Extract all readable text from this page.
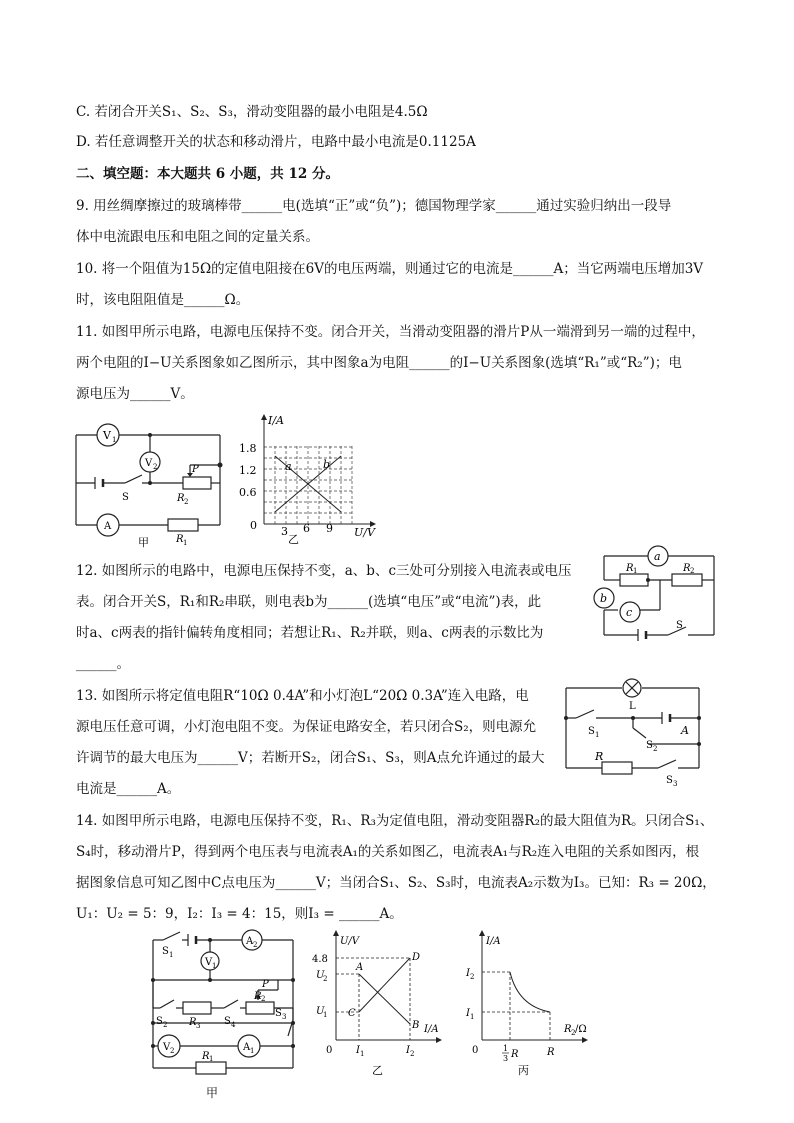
C. 若闭合开关S₁、S₂、S₃，滑动变阻器的最小电阻是4.5Ω
D. 若任意调整开关的状态和移动滑片，电路中最小电流是0.1125A
二、填空题：本大题共 6 小题，共 12 分。
9. 用丝绸摩擦过的玻璃棒带______电(选填“正”或“负”)；德国物理学家______通过实验归纳出一段导
体中电流跟电压和电阻之间的定量关系。
10. 将一个阻值为15Ω的定值电阻接在6V的电压两端，则通过它的电流是______A；当它两端电压增加3V
时，该电阻阻值是______Ω。
11. 如图甲所示电路，电源电压保持不变。闭合开关，当滑动变阻器的滑片P从一端滑到另一端的过程中，
两个电阻的I−U关系图象如乙图所示，其中图象a为电阻______的I−U关系图象(选填“R₁”或“R₂”)；电
源电压为______V。
V 1
V 2
A
S
P
R 2
R 1
甲
I/A
U/V
1.8
1.2
0.6
3 6 9
0
a	b
乙
12. 如图所示的电路中，电源电压保持不变，a、b、c三处可分别接入电流表或电压
表。闭合开关S，R₁和R₂串联，则电表b为______(选填“电压”或“电流”)表，此
时a、c两表的指针偏转角度相同；若想让R₁、R₂并联，则a、c两表的示数比为
______。
a
b
c
R 1	R 2
S
13. 如图所示将定值电阻R“10Ω 0.4A”和小灯泡L“20Ω 0.3A”连入电路，电
源电压任意可调，小灯泡电阻不变。为保证电路安全，若只闭合S₂，则电源允
许调节的最大电压为______V；若断开S₂，闭合S₁、S₃，则A点允许通过的最大
电流是______A。
L
S 1
S 2
S 3
A
R
14. 如图甲所示电路，电源电压保持不变，R₁、R₃为定值电阻，滑动变阻器R₂的最大阻值为R。只闭合S₁、
S₄时，移动滑片P，得到两个电压表与电流表A₁的关系如图乙，电流表A₁与R₂连入电阻的关系如图丙，根
据图象信息可知乙图中C点电压为______V；当闭合S₁、S₂、S₃时，电流表A₂示数为I₃。已知：R₃ = 20Ω，
U₁：U₂ = 5：9，I₂：I₃ = 4：15，则I₃ = ______A。
S 1
A 2
V 1
P
S 2 R 3 S 4
R 2
S 3
V 2	A 1
R 1
甲
U/V
I/A
4.8
U
2
U
1
I 1	I 2
0
A
B
C
D
乙
I/A
R 2 /Ω
I 2
I 1
0	1
3 R	R
丙
